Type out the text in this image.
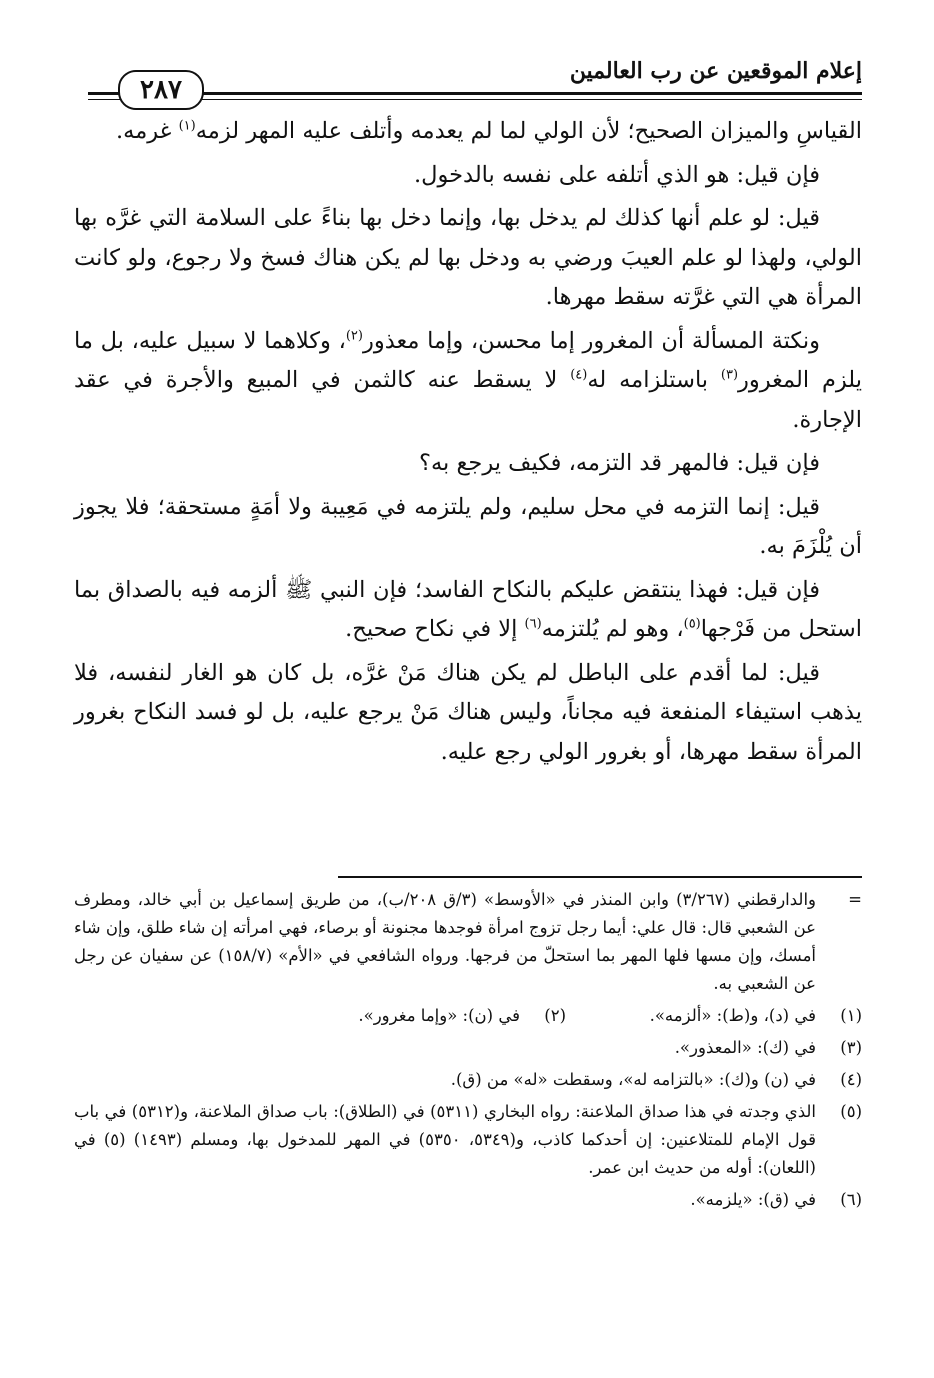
إعلام الموقعين عن رب العالمين
٢٨٧

القياسِ والميزان الصحيح؛ لأن الولي لما لم يعدمه وأتلف عليه المهر لزمه$^{(١)}$ غرمه.

فإن قيل: هو الذي أتلفه على نفسه بالدخول.

قيل: لو علم أنها كذلك لم يدخل بها، وإنما دخل بها بناءً على السلامة التي غرَّه بها الولي، ولهذا لو علم العيبَ ورضي به ودخل بها لم يكن هناك فسخ ولا رجوع، ولو كانت المرأة هي التي غرَّته سقط مهرها.

ونكتة المسألة أن المغرور إما محسن، وإما معذور$^{(٢)}$، وكلاهما لا سبيل عليه، بل ما يلزم المغرور$^{(٣)}$ باستلزامه له$^{(٤)}$ لا يسقط عنه كالثمن في المبيع والأجرة في عقد الإجارة.

فإن قيل: فالمهر قد التزمه، فكيف يرجع به؟

قيل: إنما التزمه في محل سليم، ولم يلتزمه في مَعِيبة ولا أمَةٍ مستحقة؛ فلا يجوز أن يُلْزَمَ به.

فإن قيل: فهذا ينتقض عليكم بالنكاح الفاسد؛ فإن النبي ﷺ ألزمه فيه بالصداق بما استحل من فَرْجها$^{(٥)}$، وهو لم يُلتزمه$^{(٦)}$ إلا في نكاح صحيح.

قيل: لما أقدم على الباطل لم يكن هناك مَنْ غرَّه، بل كان هو الغار لنفسه، فلا يذهب استيفاء المنفعة فيه مجاناً، وليس هناك مَنْ يرجع عليه، بل لو فسد النكاح بغرور المرأة سقط مهرها، أو بغرور الولي رجع عليه.

=
والدارقطني (٣/٢٦٧) وابن المنذر في «الأوسط» (٣/ق ٢٠٨/ب)، من طريق إسماعيل بن أبي خالد، ومطرف عن الشعبي قال: قال علي: أيما رجل تزوج امرأة فوجدها مجنونة أو برصاء، فهي امرأته إن شاء طلق، وإن شاء أمسك، وإن مسها فلها المهر بما استحلّ من فرجها. ورواه الشافعي في «الأم» (١٥٨/٧) عن سفيان عن رجل عن الشعبي به.
(١)
في (د)، و(ط): «ألزمه».
(٢)
في (ن): «وإما مغرور».
(٣)
في (ك): «المعذور».
(٤)
في (ن) و(ك): «بالتزامه له»، وسقطت «له» من (ق).
(٥)
الذي وجدته في هذا صداق الملاعنة: رواه البخاري (٥٣١١) في (الطلاق): باب صداق الملاعنة، و(٥٣١٢) في باب قول الإمام للمتلاعنين: إن أحدكما كاذب، و(٥٣٤٩، ٥٣٥٠) في المهر للمدخول بها، ومسلم (١٤٩٣) (٥) في (اللعان): أوله من حديث ابن عمر.
(٦)
في (ق): «يلزمه».
